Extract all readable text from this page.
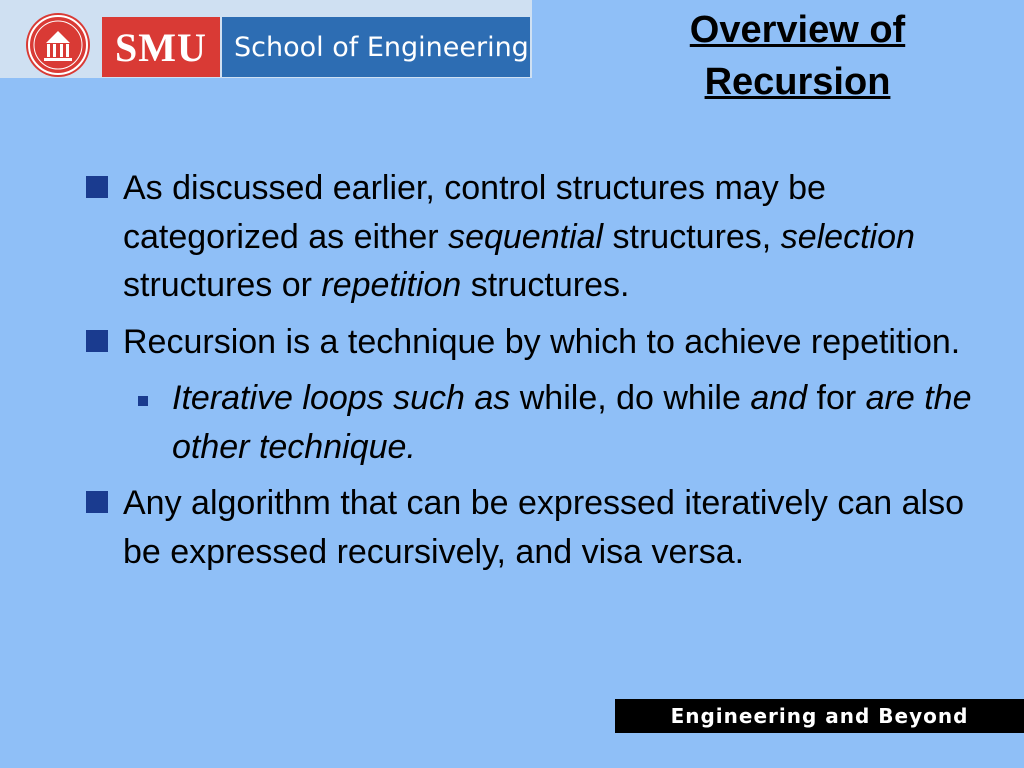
SMU	School of Engineering	Overview of
Recursion
As discussed earlier, control structures may be categorized as either sequential structures, selection structures or repetition structures.
Recursion is a technique by which to achieve repetition.
Iterative loops such as while, do while and for are the other technique.
Any algorithm that can be expressed iteratively can also be expressed recursively, and visa versa.
Engineering and Beyond
